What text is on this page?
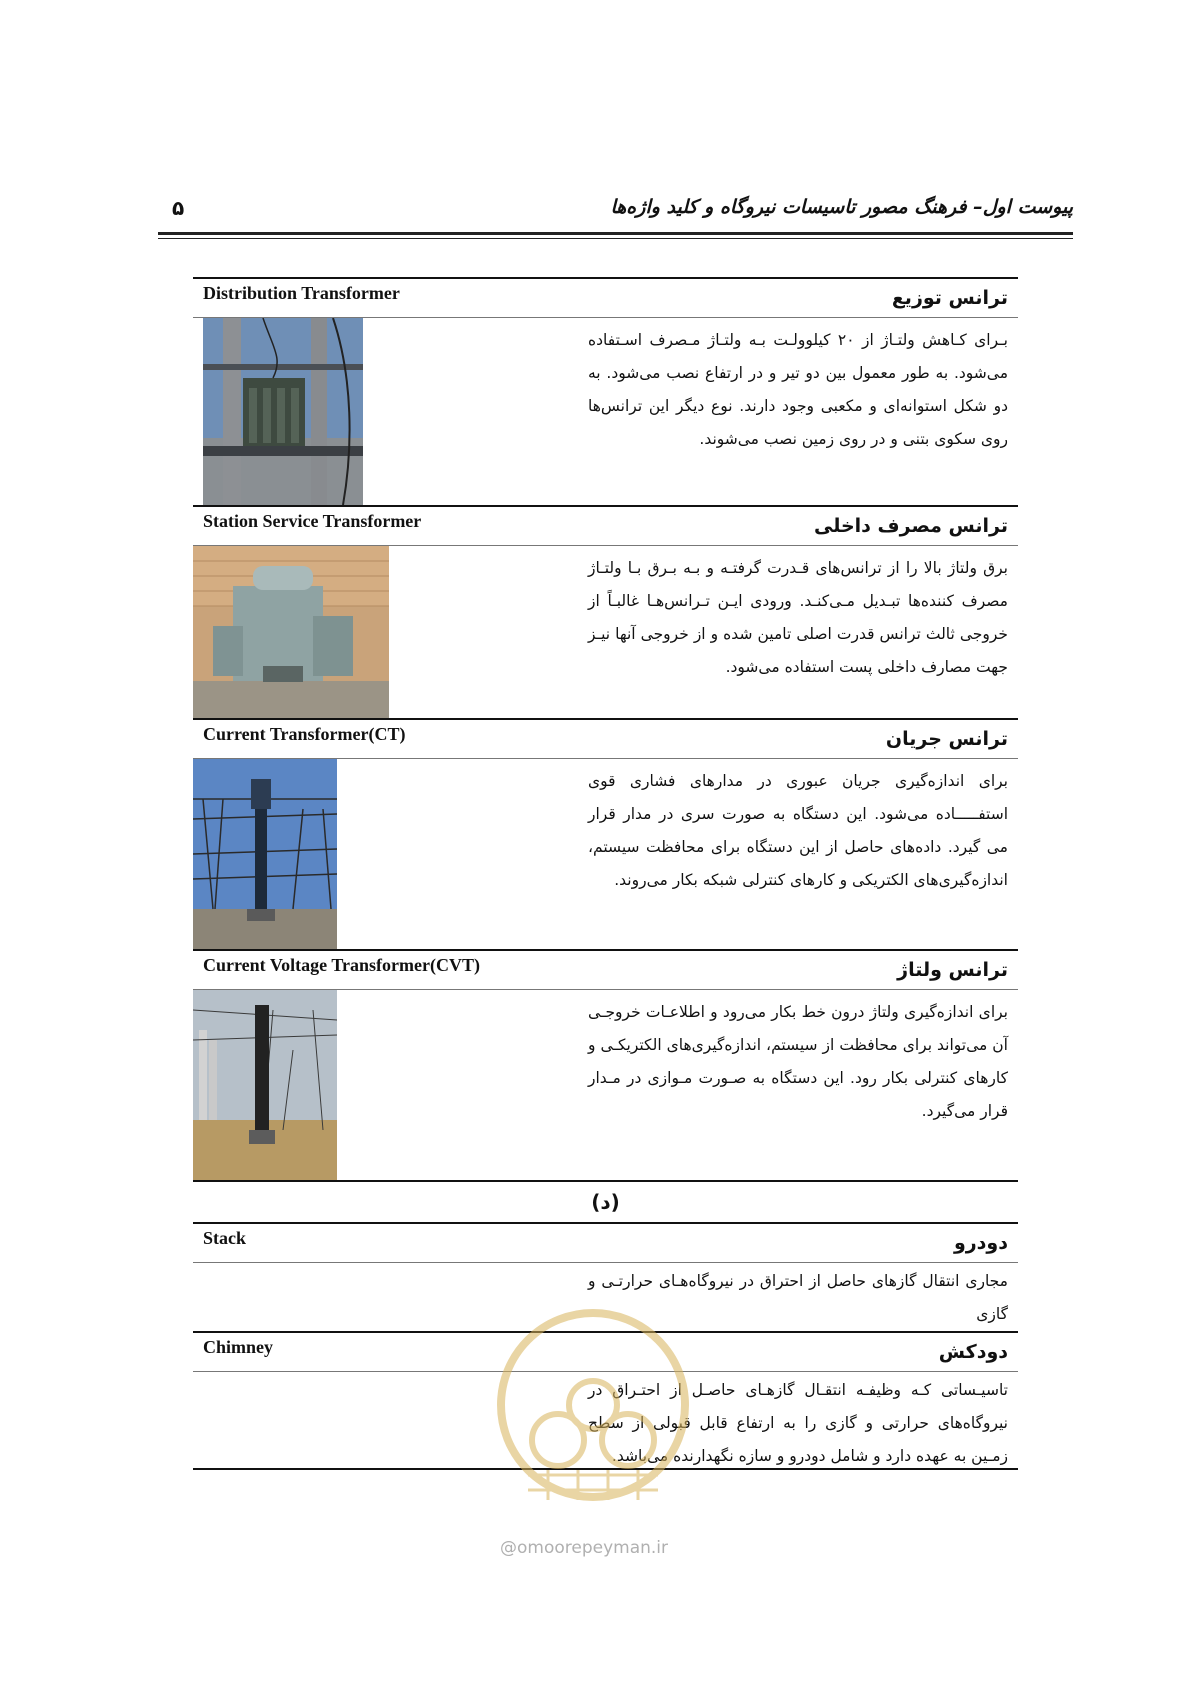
پیوست اول– فرهنگ مصور تاسیسات نیروگاه و کلید واژه‌ها
۵
Distribution Transformer	ترانس توزیع
بـرای کـاهش ولتـاژ از ۲۰ کیلوولـت بـه ولتـاژ مـصرف اسـتفاده می‌شود. به طور معمول بین دو تیر و در ارتفاع نصب می‌شود. به دو شکل استوانه‌ای و مکعبی وجود دارند. نوع دیگر این ترانس‌ها روی سکوی بتنی و در روی زمین نصب می‌شوند.
Station Service Transformer	ترانس مصرف داخلی
برق ولتاژ بالا را از ترانس‌های قـدرت گرفتـه و بـه بـرق بـا ولتـاژ مصرف کننده‌ها تبـدیل مـی‌کنـد. ورودی ایـن تـرانس‌هـا غالبـاً از خروجی ثالث ترانس قدرت اصلی تامین شده و از خروجی آنها نیـز جهت مصارف داخلی پست استفاده می‌شود.
Current Transformer(CT)	ترانس جریان
برای اندازه‌گیری جریان عبوری در مدارهای فشاری قوی استفـــــاده می‌شود. این دستگاه به صورت سری در مدار قرار می گیرد. داده‌های حاصل از این دستگاه برای محافظت سیستم، اندازه‌گیری‌های الکتریکی و کارهای کنترلی شبکه بکار می‌روند.
Current Voltage Transformer(CVT)	ترانس ولتاژ
برای اندازه‌گیری ولتاژ درون خط بکار می‌رود و اطلاعـات خروجـی آن می‌تواند برای محافظت از سیستم، اندازه‌گیری‌های الکتریکـی و کارهای کنترلی بکار رود. این دستگاه به صـورت مـوازی در مـدار قرار می‌گیرد.
(د)
Stack	دودرو
مجاری انتقال گازهای حاصل از احتراق در نیروگاه‌هـای حرارتـی و گازی
Chimney	دودکش
تاسیـساتی کـه وظیفـه انتقـال گازهـای حاصـل از احتـراق در نیروگاه‌های حرارتی و گازی را به ارتفاع قابل قبولی از سطح زمـین به عهده دارد و شامل دودرو و سازه نگهدارنده می‌باشد.
@omoorepeyman.ir
